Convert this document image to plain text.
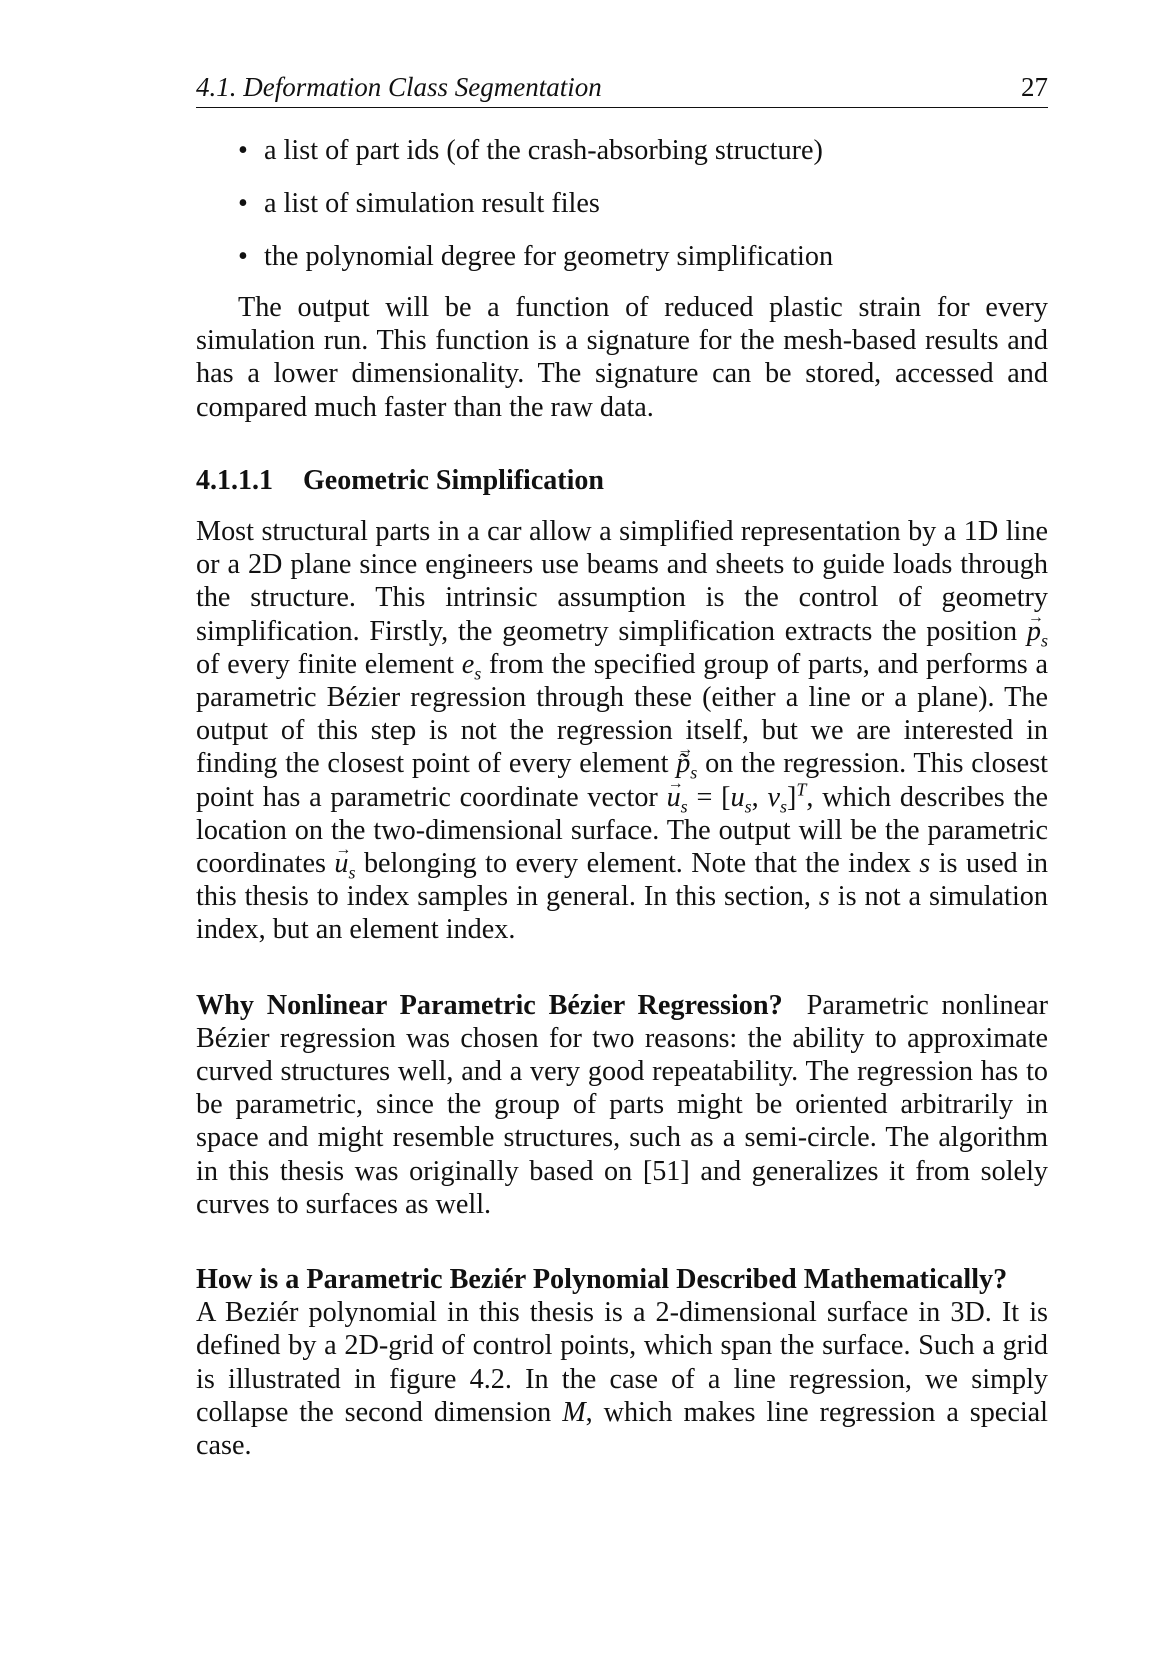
4.1. Deformation Class Segmentation	27
• a list of part ids (of the crash-absorbing structure)
• a list of simulation result files
• the polynomial degree for geometry simplification

The output will be a function of reduced plastic strain for every simulation run. This function is a signature for the mesh-based results and has a lower dimensionality. The signature can be stored, accessed and compared much faster than the raw data.

4.1.1.1 Geometric Simplification

Most structural parts in a car allow a simplified representation by a 1D line or a 2D plane since engineers use beams and sheets to guide loads through the structure. This intrinsic assumption is the control of geometry simplification. Firstly, the geometry simplification extracts the position → $p_s$ of every finite element $e_s$ from the specified group of parts, and performs a parametric Bézier regression through these (either a line or a plane). The output of this step is not the regression itself, but we are interested in finding the closest point of every element → $p̃_s$ on the regression. This closest point has a parametric coordinate vector → $u_s = [u_s$, $v_s]^T$, which describes the location on the two-dimensional surface. The output will be the parametric coordinates → $u_s$ belonging to every element. Note that the index s is used in this thesis to index samples in general. In this section, s is not a simulation index, but an element index.

Why Nonlinear Parametric Bézier Regression? Parametric nonlinear Bézier regression was chosen for two reasons: the ability to approximate curved structures well, and a very good repeatability. The regression has to be parametric, since the group of parts might be oriented arbitrarily in space and might resemble structures, such as a semi-circle. The algorithm in this thesis was originally based on [51] and generalizes it from solely curves to surfaces as well.

How is a Parametric Beziér Polynomial Described Mathematically?
A Beziér polynomial in this thesis is a 2-dimensional surface in 3D. It is defined by a 2D-grid of control points, which span the surface. Such a grid is illustrated in figure 4.2. In the case of a line regression, we simply collapse the second dimension M, which makes line regression a special case.
